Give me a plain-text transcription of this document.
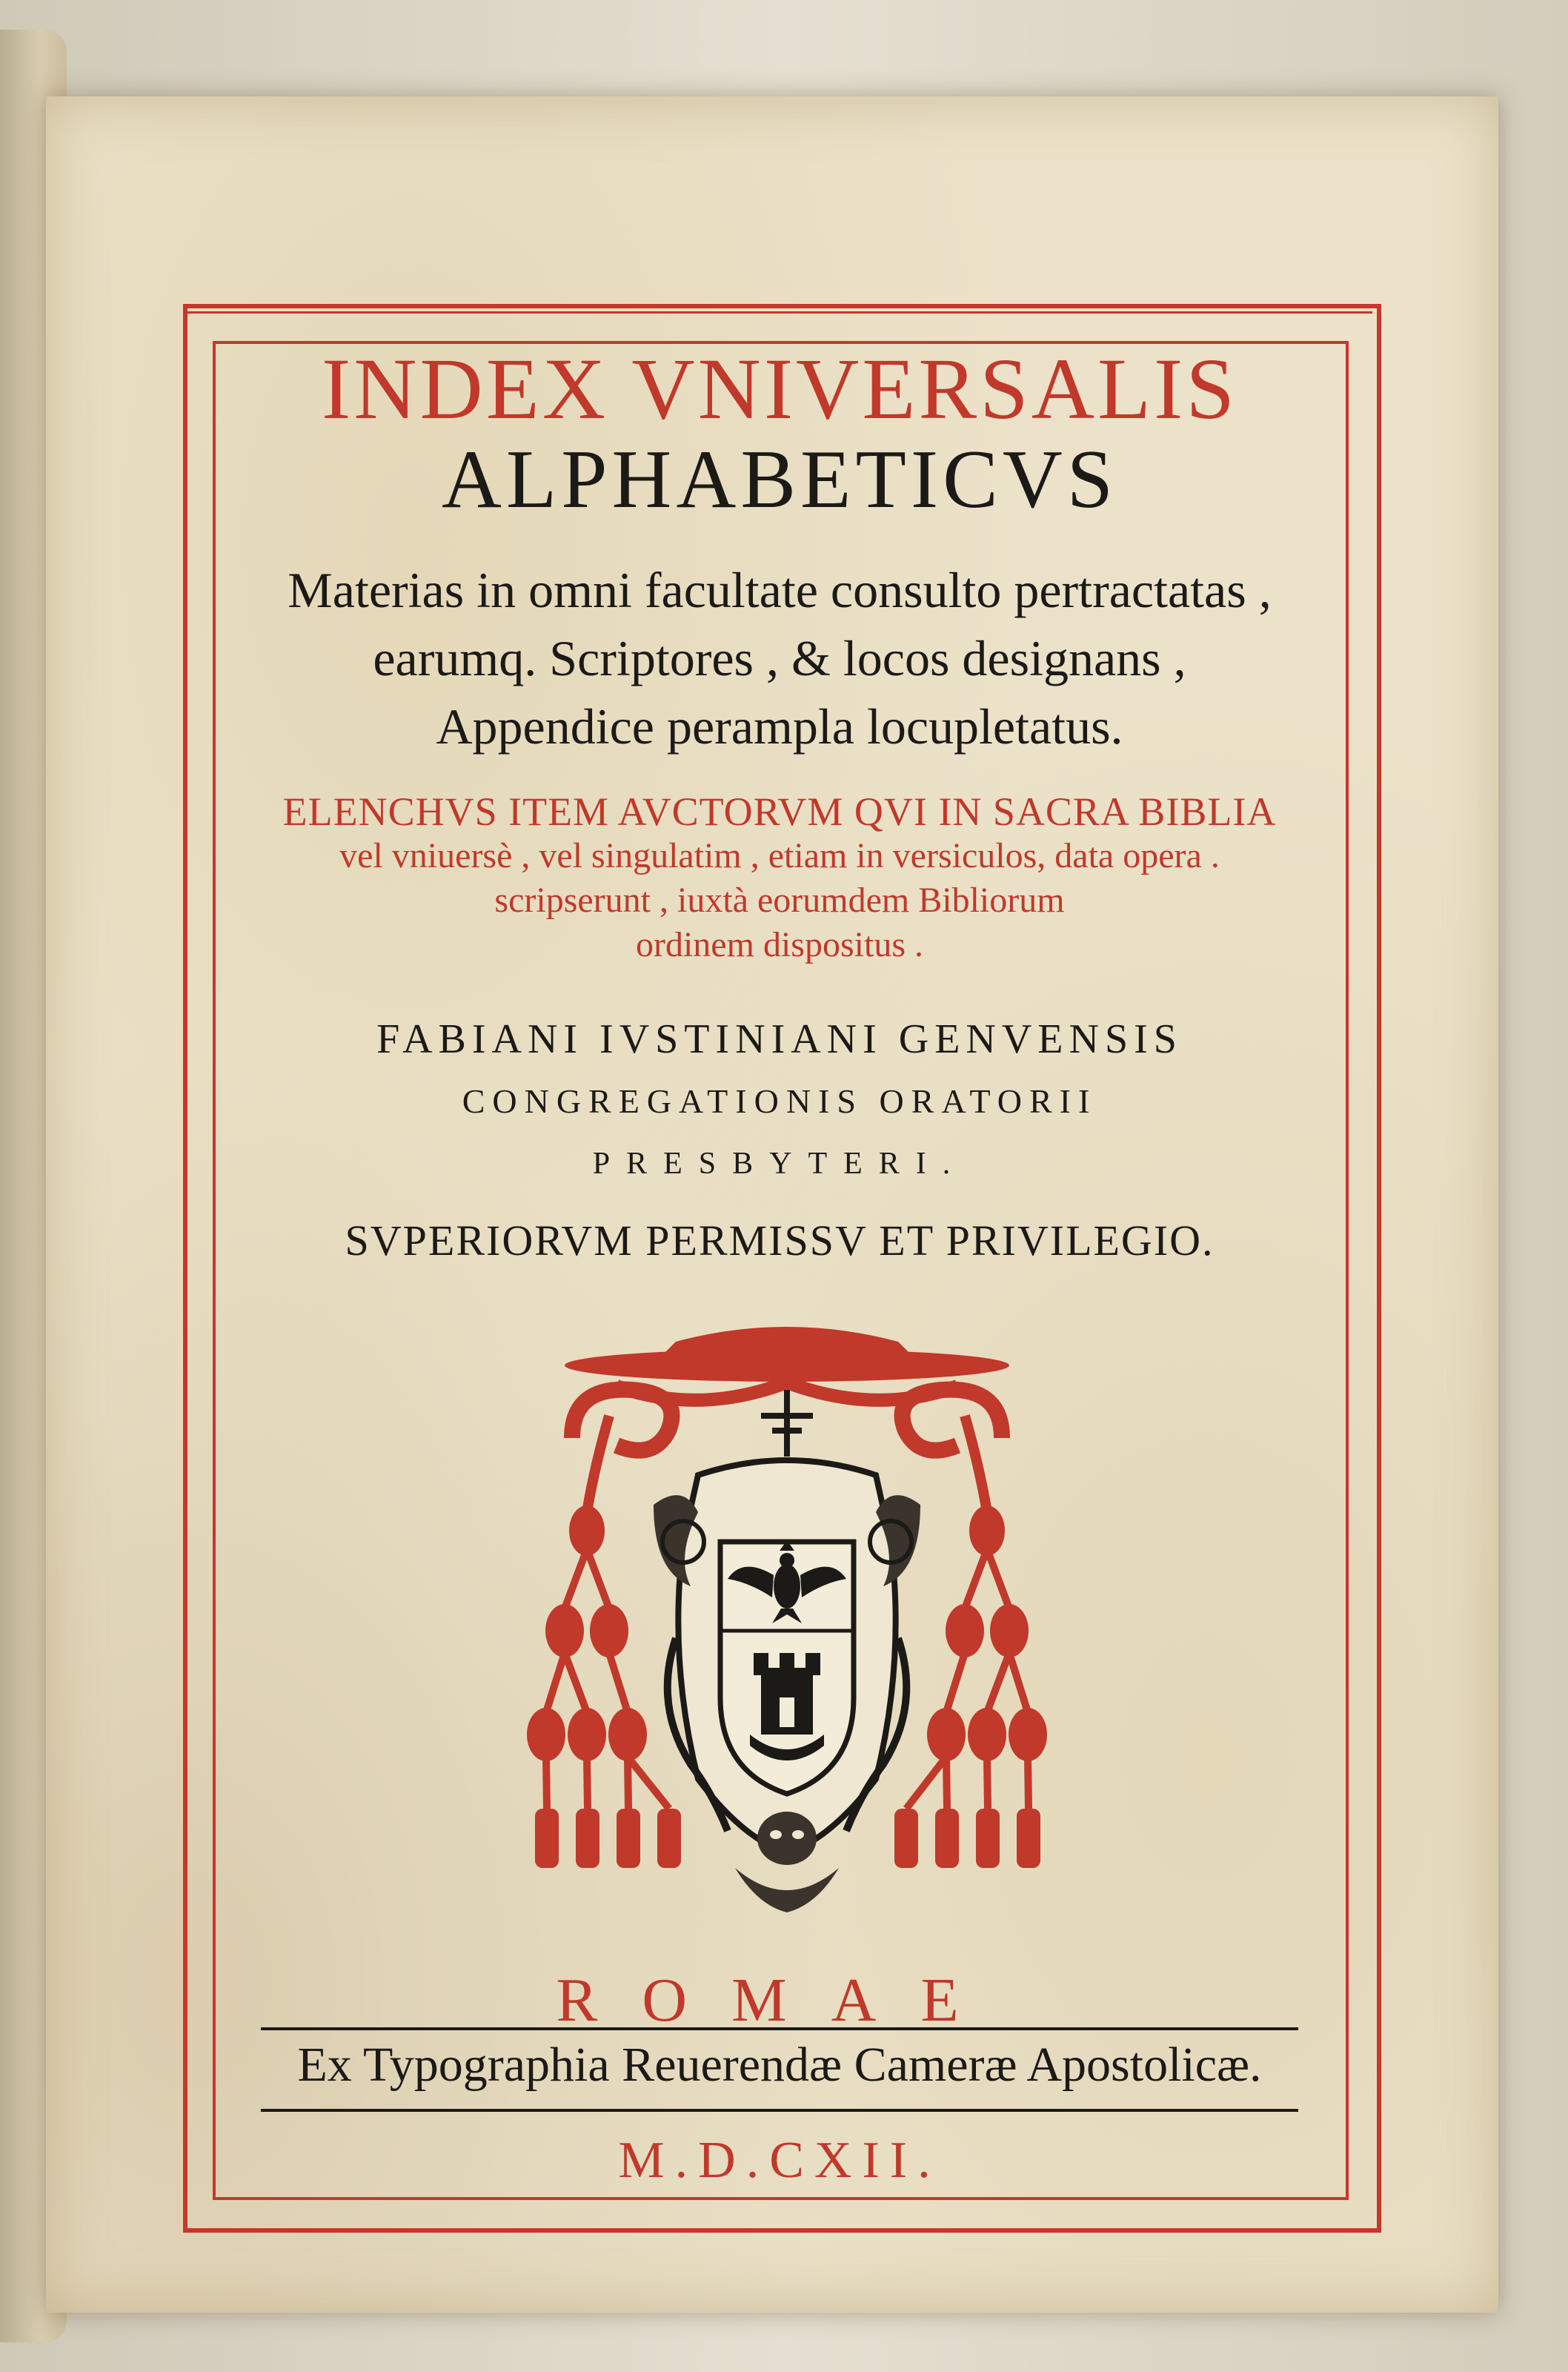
INDEX VNIVERSALIS
ALPHABETICVS
Materias in omni facultate consulto pertractatas ,
earumq. Scriptores , & locos designans ,
Appendice perampla locupletatus.
ELENCHVS ITEM AVCTORVM QVI IN SACRA BIBLIA
vel vniuersè , vel singulatim , etiam in versiculos, data opera .
scripserunt , iuxtà eorumdem Bibliorum
ordinem dispositus .
FABIANI IVSTINIANI GENVENSIS
CONGREGATIONIS ORATORII
PRESBYTERI.
SVPERIORVM PERMISSV ET PRIVILEGIO.
ROMAE
Ex Typographia Reuerendæ Cameræ Apostolicæ.
M.D.CXII.
